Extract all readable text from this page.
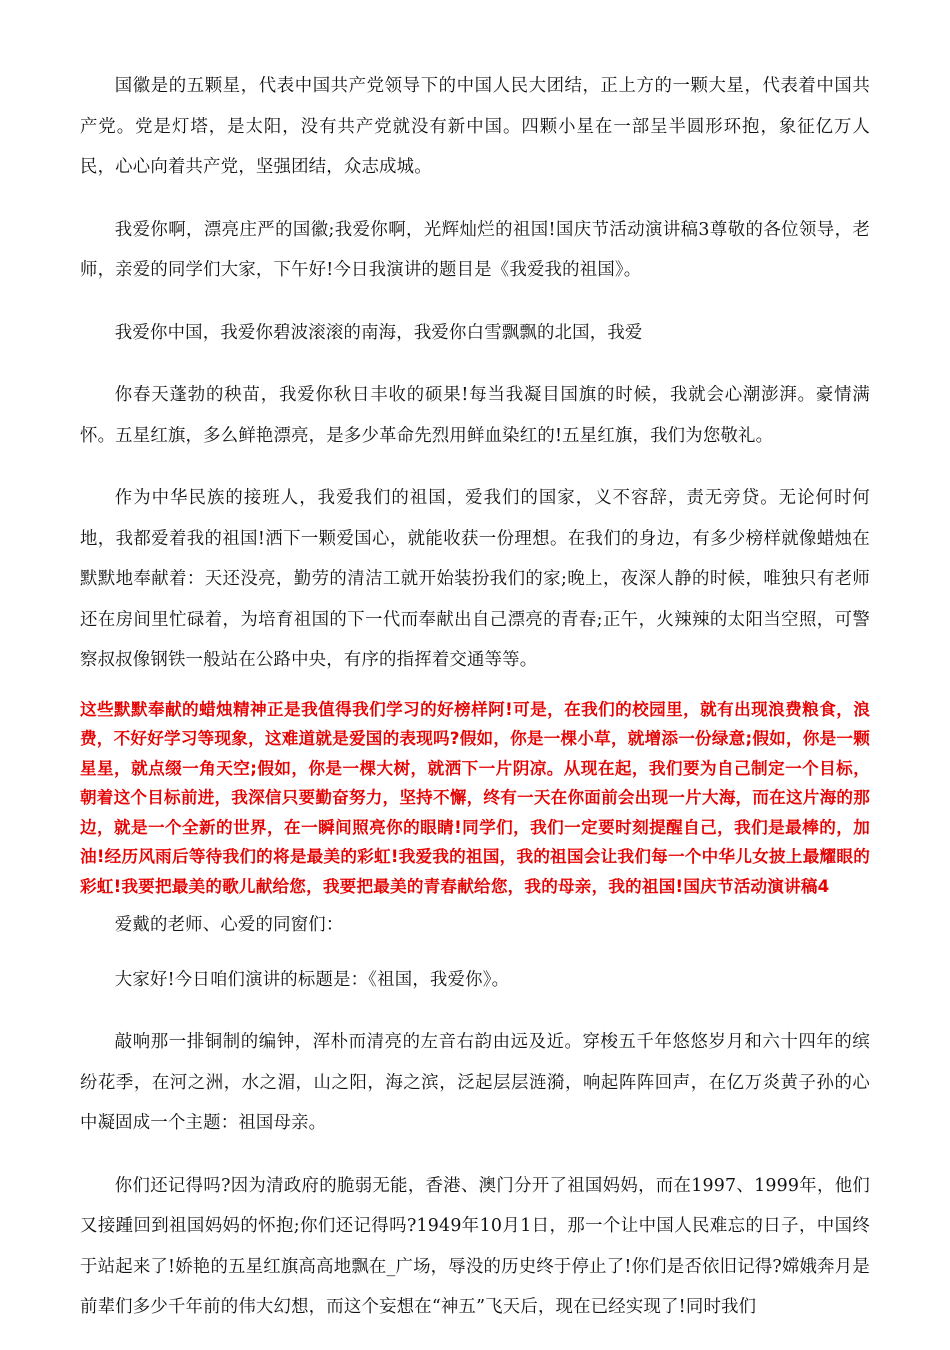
国徽是的五颗星，代表中国共产党领导下的中国人民大团结，正上方的一颗大星，代表着中国共产党。党是灯塔，是太阳，没有共产党就没有新中国。四颗小星在一部呈半圆形环抱，象征亿万人民，心心向着共产党，坚强团结，众志成城。

我爱你啊，漂亮庄严的国徽;我爱你啊，光辉灿烂的祖国!国庆节活动演讲稿3尊敬的各位领导，老师，亲爱的同学们大家，下午好!今日我演讲的题目是《我爱我的祖国》。

我爱你中国，我爱你碧波滚滚的南海，我爱你白雪飘飘的北国，我爱

你春天蓬勃的秧苗，我爱你秋日丰收的硕果!每当我凝目国旗的时候，我就会心潮澎湃。豪情满怀。五星红旗，多么鲜艳漂亮，是多少革命先烈用鲜血染红的!五星红旗，我们为您敬礼。

作为中华民族的接班人，我爱我们的祖国，爱我们的国家，义不容辞，责无旁贷。无论何时何地，我都爱着我的祖国!洒下一颗爱国心，就能收获一份理想。在我们的身边，有多少榜样就像蜡烛在默默地奉献着：天还没亮，勤劳的清洁工就开始装扮我们的家;晚上，夜深人静的时候，唯独只有老师还在房间里忙碌着，为培育祖国的下一代而奉献出自己漂亮的青春;正午，火辣辣的太阳当空照，可警察叔叔像钢铁一般站在公路中央，有序的指挥着交通等等。

这些默默奉献的蜡烛精神正是我值得我们学习的好榜样阿!可是，在我们的校园里，就有出现浪费粮食，浪费，不好好学习等现象，这难道就是爱国的表现吗?假如，你是一棵小草，就增添一份绿意;假如，你是一颗星星，就点缀一角天空;假如，你是一棵大树，就洒下一片阴凉。从现在起，我们要为自己制定一个目标，朝着这个目标前进，我深信只要勤奋努力，坚持不懈，终有一天在你面前会出现一片大海，而在这片海的那边，就是一个全新的世界，在一瞬间照亮你的眼睛!同学们，我们一定要时刻提醒自己，我们是最棒的，加油!经历风雨后等待我们的将是最美的彩虹!我爱我的祖国，我的祖国会让我们每一个中华儿女披上最耀眼的彩虹!我要把最美的歌儿献给您，我要把最美的青春献给您，我的母亲，我的祖国!国庆节活动演讲稿4

爱戴的老师、心爱的同窗们：

大家好!今日咱们演讲的标题是：《祖国，我爱你》。

敲响那一排铜制的编钟，浑朴而清亮的左音右韵由远及近。穿梭五千年悠悠岁月和六十四年的缤纷花季，在河之洲，水之湄，山之阳，海之滨，泛起层层涟漪，响起阵阵回声，在亿万炎黄子孙的心中凝固成一个主题：祖国母亲。

你们还记得吗?因为清政府的脆弱无能，香港、澳门分开了祖国妈妈，而在1997、1999年，他们又接踵回到祖国妈妈的怀抱;你们还记得吗?1949年10月1日，那一个让中国人民难忘的日子，中国终于站起来了!娇艳的五星红旗高高地飘在_广场，辱没的历史终于停止了!你们是否依旧记得?嫦娥奔月是前辈们多少千年前的伟大幻想，而这个妄想在“神五”飞天后，现在已经实现了!同时我们
